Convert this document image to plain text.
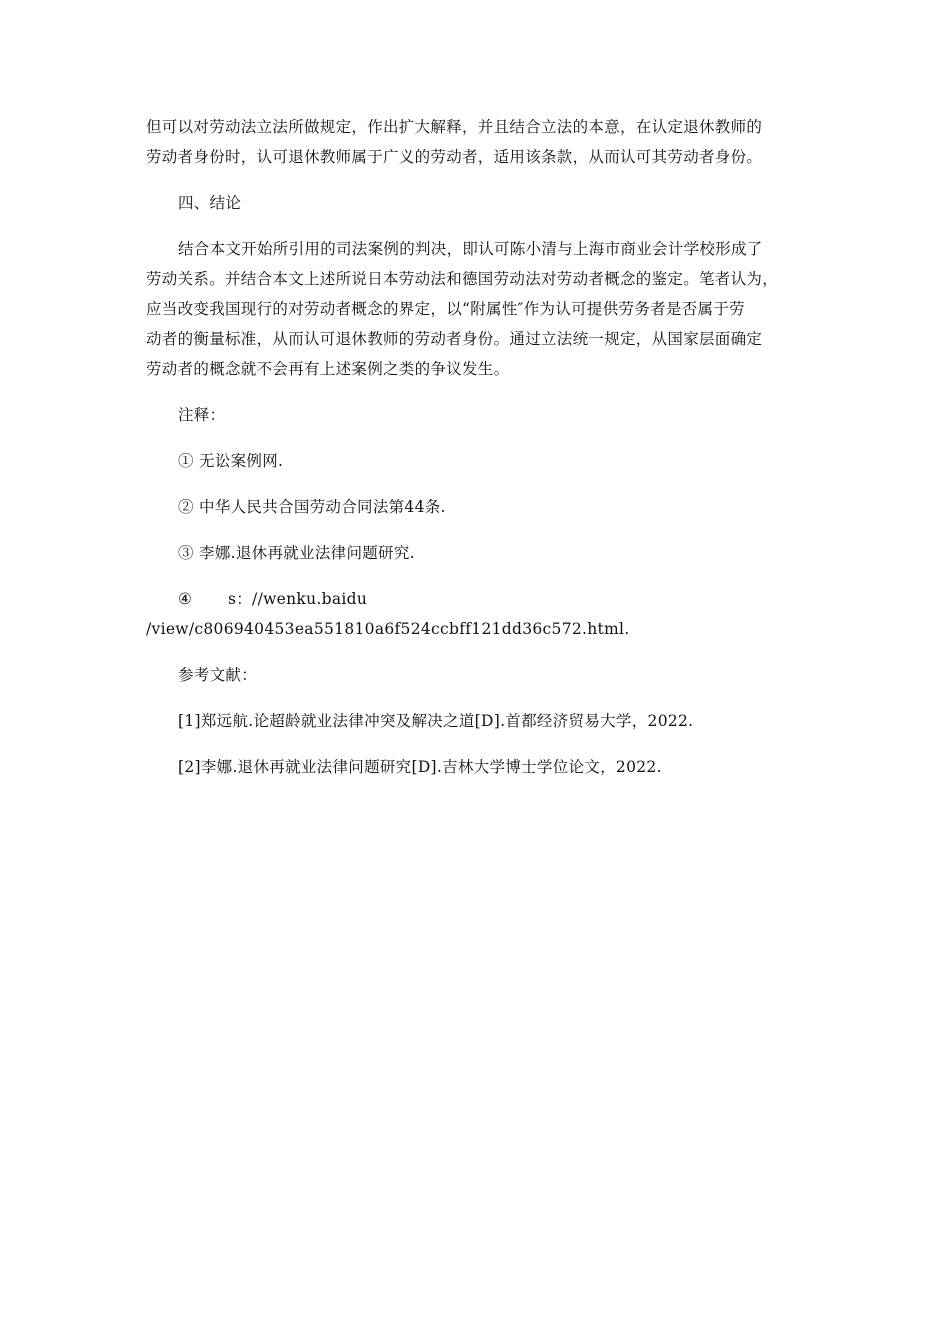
但可以对劳动法立法所做规定，作出扩大解释，并且结合立法的本意，在认定退休教师的
劳动者身份时，认可退休教师属于广义的劳动者，适用该条款，从而认可其劳动者身份。

四、结论

结合本文开始所引用的司法案例的判决，即认可陈小清与上海市商业会计学校形成了
劳动关系。并结合本文上述所说日本劳动法和德国劳动法对劳动者概念的鉴定。笔者认为，
应当改变我国现行的对劳动者概念的界定，以“附属性″作为认可提供劳务者是否属于劳
动者的衡量标准，从而认可退休教师的劳动者身份。通过立法统一规定，从国家层面确定
劳动者的概念就不会再有上述案例之类的争议发生。

注释：

① 无讼案例网.

② 中华人民共合国劳动合同法第44条.

③ 李娜.退休再就业法律问题研究.

④ s：//wenku.baidu
/view/c806940453ea551810a6f524ccbff121dd36c572.html.

参考文献：

[1]郑远航.论超龄就业法律冲突及解决之道[D].首都经济贸易大学，2022.

[2]李娜.退休再就业法律问题研究[D].吉林大学博士学位论文，2022.
